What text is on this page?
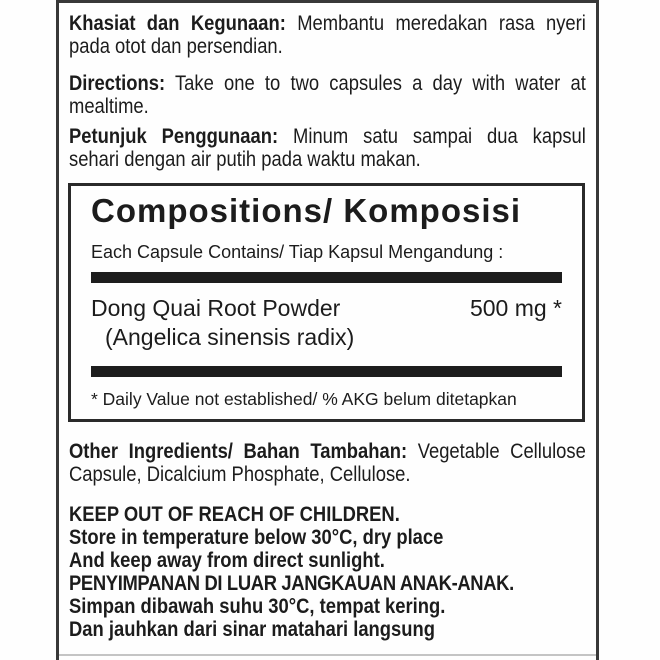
Khasiat dan Kegunaan: Membantu meredakan rasa nyeri
pada otot dan persendian.
Directions: Take one to two capsules a day with water at
mealtime.
Petunjuk Penggunaan: Minum satu sampai dua kapsul
sehari dengan air putih pada waktu makan.
Compositions/ Komposisi
Each Capsule Contains/ Tiap Kapsul Mengandung :
Dong Quai Root Powder	500 mg *
(Angelica sinensis radix)
* Daily Value not established/ % AKG belum ditetapkan
Other Ingredients/ Bahan Tambahan: Vegetable Cellulose
Capsule, Dicalcium Phosphate, Cellulose.
KEEP OUT OF REACH OF CHILDREN.
Store in temperature below 30°C, dry place
And keep away from direct sunlight.
PENYIMPANAN DI LUAR JANGKAUAN ANAK-ANAK.
Simpan dibawah suhu 30°C, tempat kering.
Dan jauhkan dari sinar matahari langsung
